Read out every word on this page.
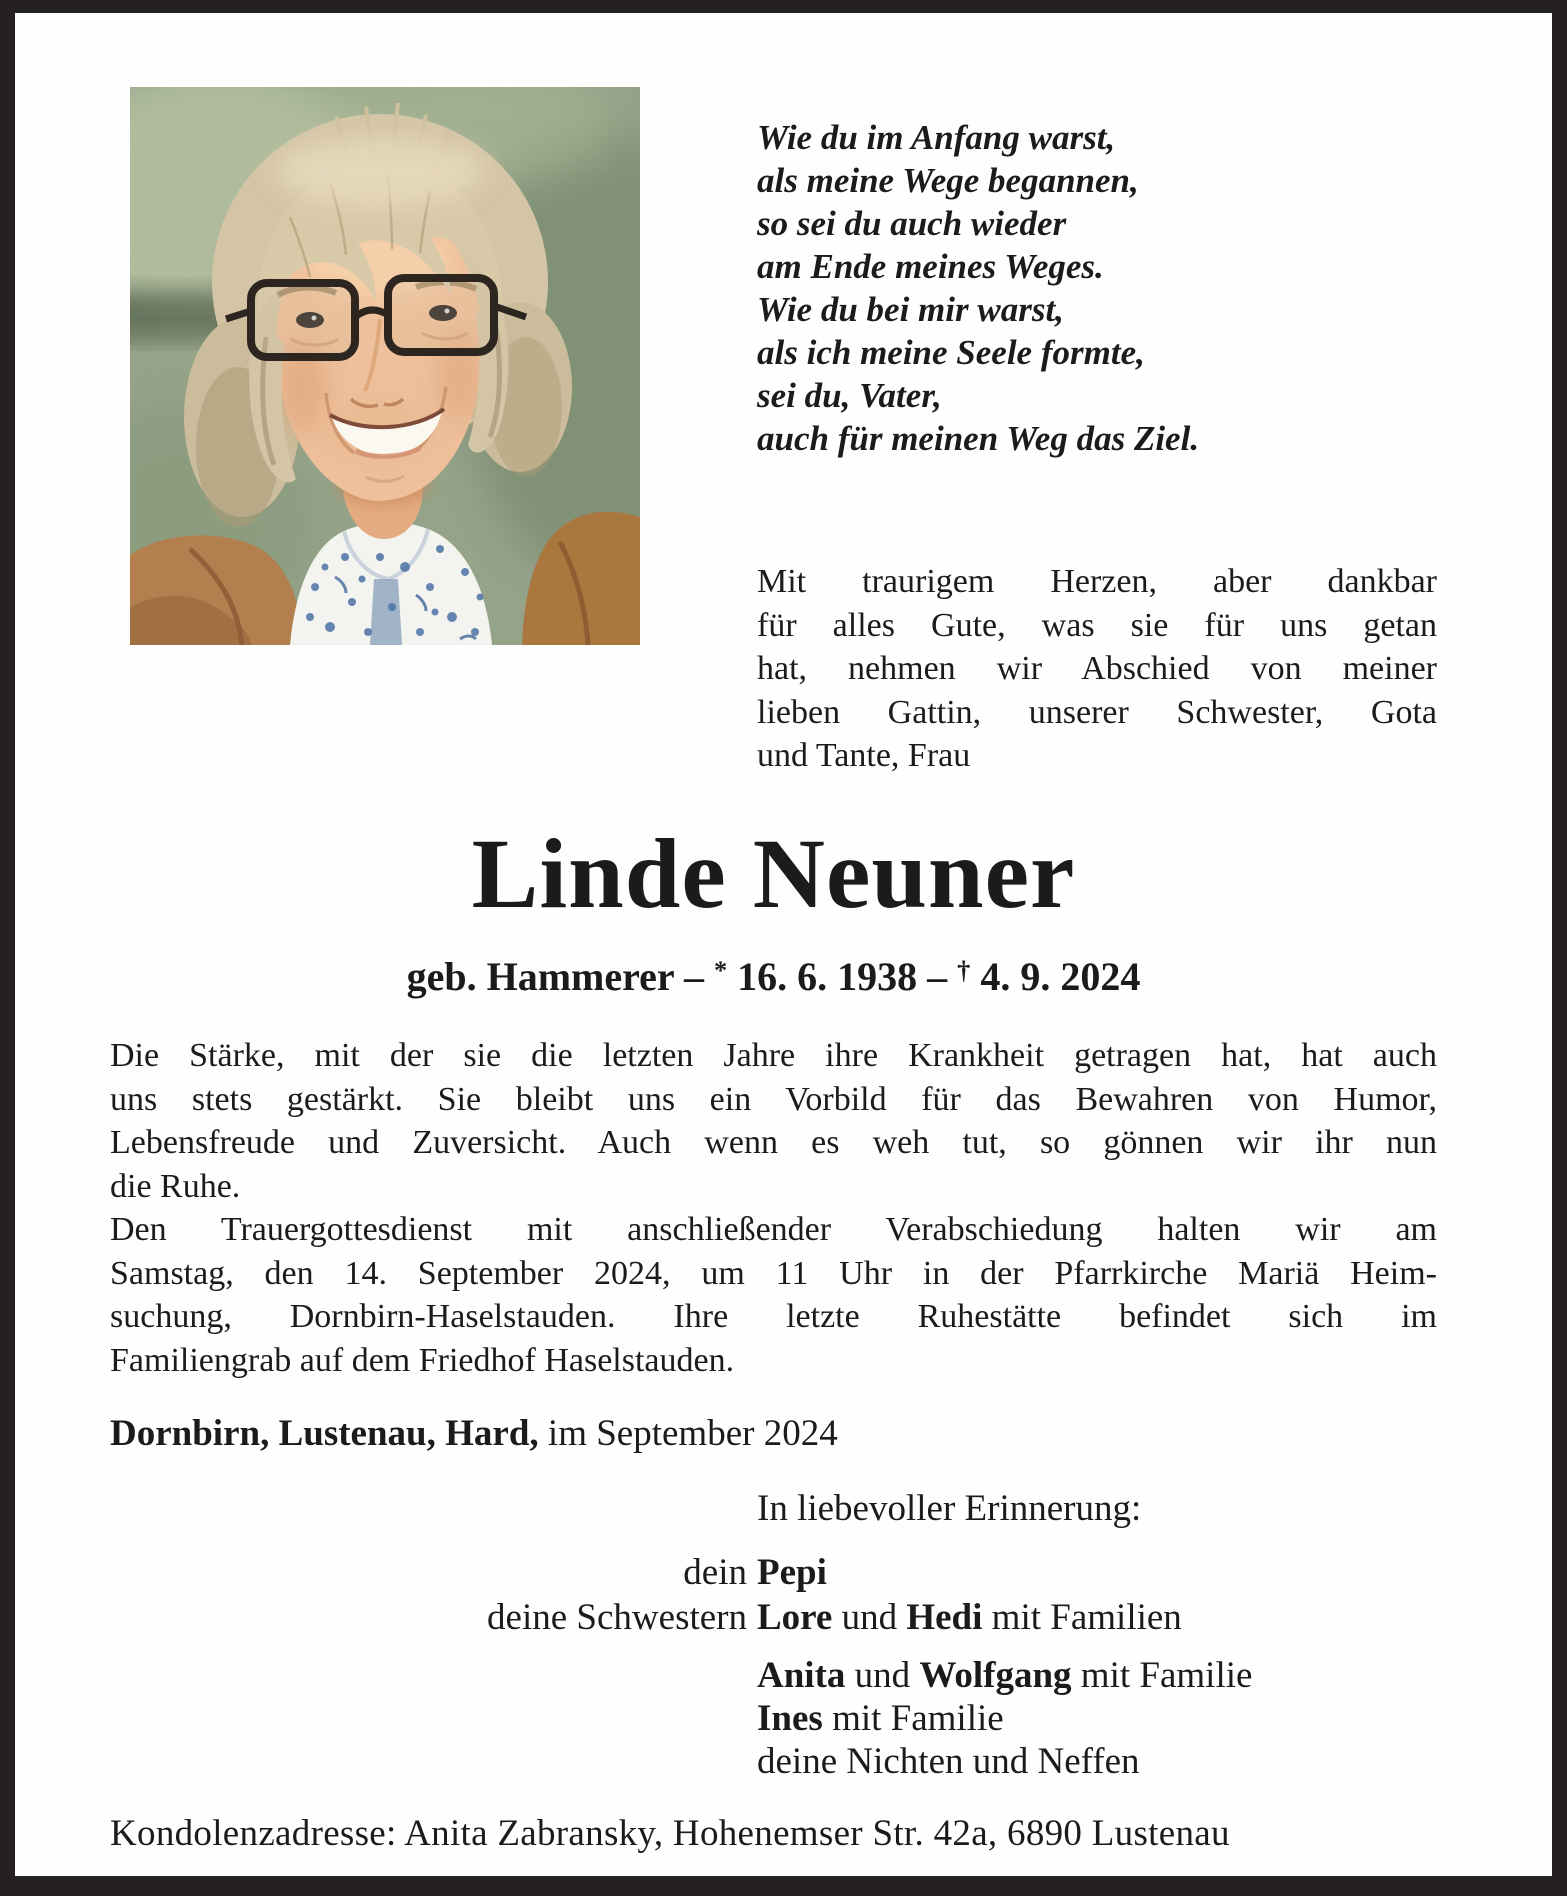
Wie du im Anfang warst,
als meine Wege begannen,
so sei du auch wieder
am Ende meines Weges.
Wie du bei mir warst,
als ich meine Seele formte,
sei du, Vater,
auch für meinen Weg das Ziel.
Mit traurigem Herzen, aber dankbar
für alles Gute, was sie für uns getan
hat, nehmen wir Abschied von meiner
lieben Gattin, unserer Schwester, Gota
und Tante, Frau
Linde Neuner
geb. Hammerer – * 16. 6. 1938 – † 4. 9. 2024
Die Stärke, mit der sie die letzten Jahre ihre Krankheit getragen hat, hat auch
uns stets gestärkt. Sie bleibt uns ein Vorbild für das Bewahren von Humor,
Lebensfreude und Zuversicht. Auch wenn es weh tut, so gönnen wir ihr nun
die Ruhe.
Den Trauergottesdienst mit anschließender Verabschiedung halten wir am
Samstag, den 14. September 2024, um 11 Uhr in der Pfarrkirche Mariä Heim-
suchung, Dornbirn-Haselstauden. Ihre letzte Ruhestätte befindet sich im
Familiengrab auf dem Friedhof Haselstauden.
Dornbirn, Lustenau, Hard, im September 2024
In liebevoller Erinnerung:
dein Pepi
deine Schwestern Lore und Hedi mit Familien
Anita und Wolfgang mit Familie
Ines mit Familie
deine Nichten und Neffen
Kondolenzadresse: Anita Zabransky, Hohenemser Str. 42a, 6890 Lustenau
